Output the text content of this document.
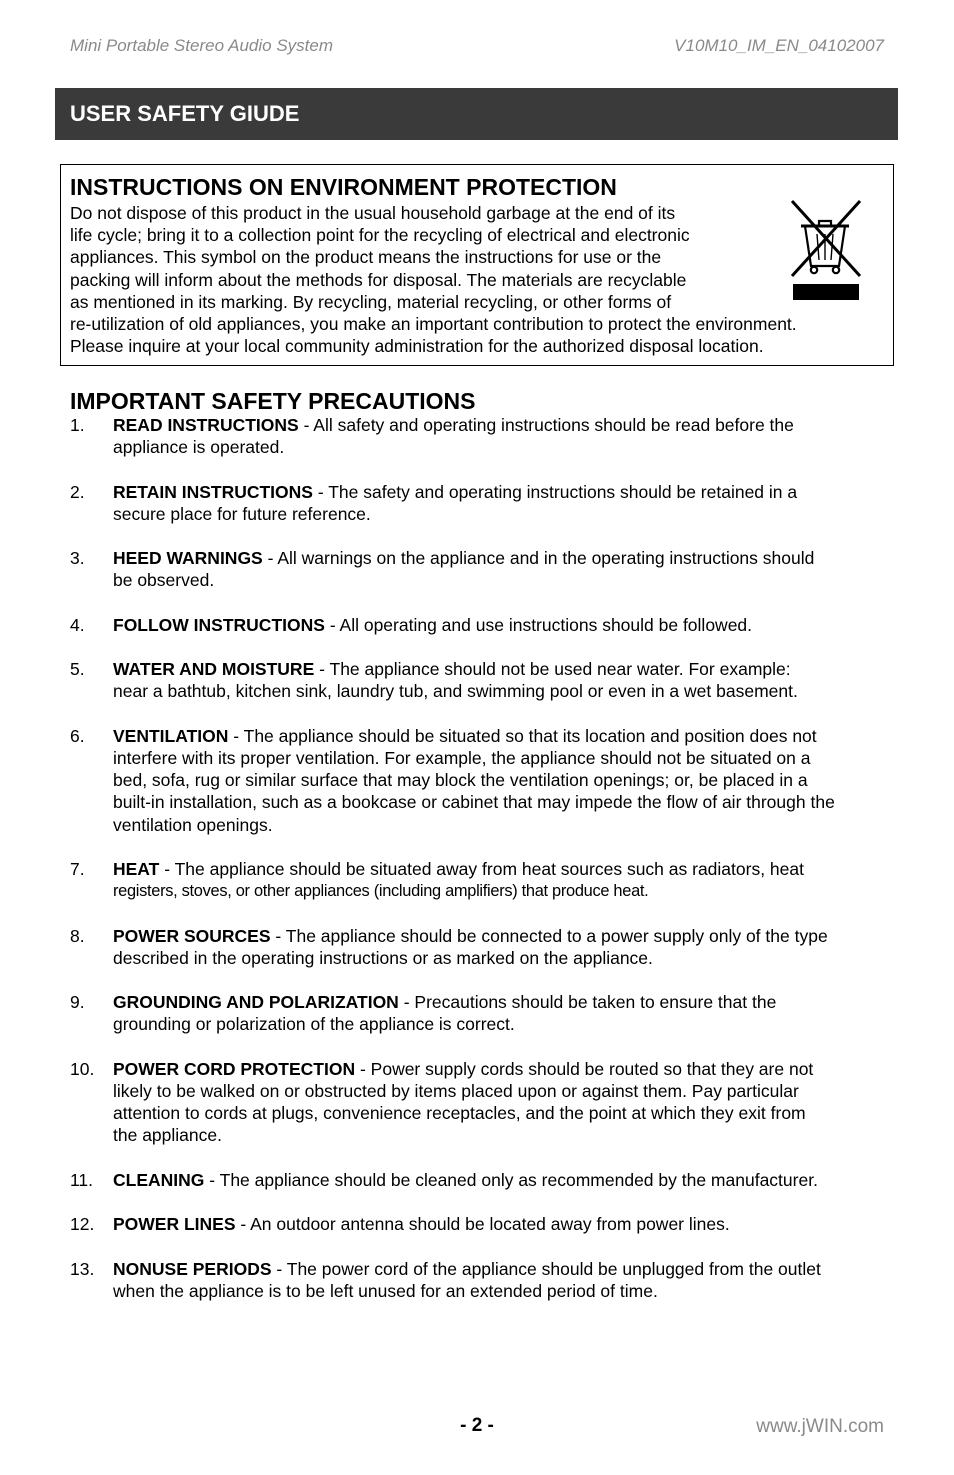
Mini Portable Stereo Audio System	V10M10_IM_EN_04102007
USER SAFETY GIUDE
INSTRUCTIONS ON ENVIRONMENT PROTECTION
Do not dispose of this product in the usual household garbage at the end of its
life cycle; bring it to a collection point for the recycling of electrical and electronic
appliances. This symbol on the product means the instructions for use or the
packing will inform about the methods for disposal. The materials are recyclable
as mentioned in its marking. By recycling, material recycling, or other forms of
re-utilization of old appliances, you make an important contribution to protect the environment.
Please inquire at your local community administration for the authorized disposal location.
IMPORTANT SAFETY PRECAUTIONS
1. READ INSTRUCTIONS - All safety and operating instructions should be read before the
appliance is operated.
2. RETAIN INSTRUCTIONS - The safety and operating instructions should be retained in a
secure place for future reference.
3. HEED WARNINGS - All warnings on the appliance and in the operating instructions should
be observed.
4. FOLLOW INSTRUCTIONS - All operating and use instructions should be followed.
5. WATER AND MOISTURE - The appliance should not be used near water. For example:
near a bathtub, kitchen sink, laundry tub, and swimming pool or even in a wet basement.
6. VENTILATION - The appliance should be situated so that its location and position does not
interfere with its proper ventilation. For example, the appliance should not be situated on a
bed, sofa, rug or similar surface that may block the ventilation openings; or, be placed in a
built-in installation, such as a bookcase or cabinet that may impede the flow of air through the
ventilation openings.
7. HEAT - The appliance should be situated away from heat sources such as radiators, heat
registers, stoves, or other appliances (including amplifiers) that produce heat.
8. POWER SOURCES - The appliance should be connected to a power supply only of the type
described in the operating instructions or as marked on the appliance.
9. GROUNDING AND POLARIZATION - Precautions should be taken to ensure that the
grounding or polarization of the appliance is correct.
10. POWER CORD PROTECTION - Power supply cords should be routed so that they are not
likely to be walked on or obstructed by items placed upon or against them. Pay particular
attention to cords at plugs, convenience receptacles, and the point at which they exit from
the appliance.
11. CLEANING - The appliance should be cleaned only as recommended by the manufacturer.
12. POWER LINES - An outdoor antenna should be located away from power lines.
13. NONUSE PERIODS - The power cord of the appliance should be unplugged from the outlet
when the appliance is to be left unused for an extended period of time.
- 2 -	www.jWIN.com
